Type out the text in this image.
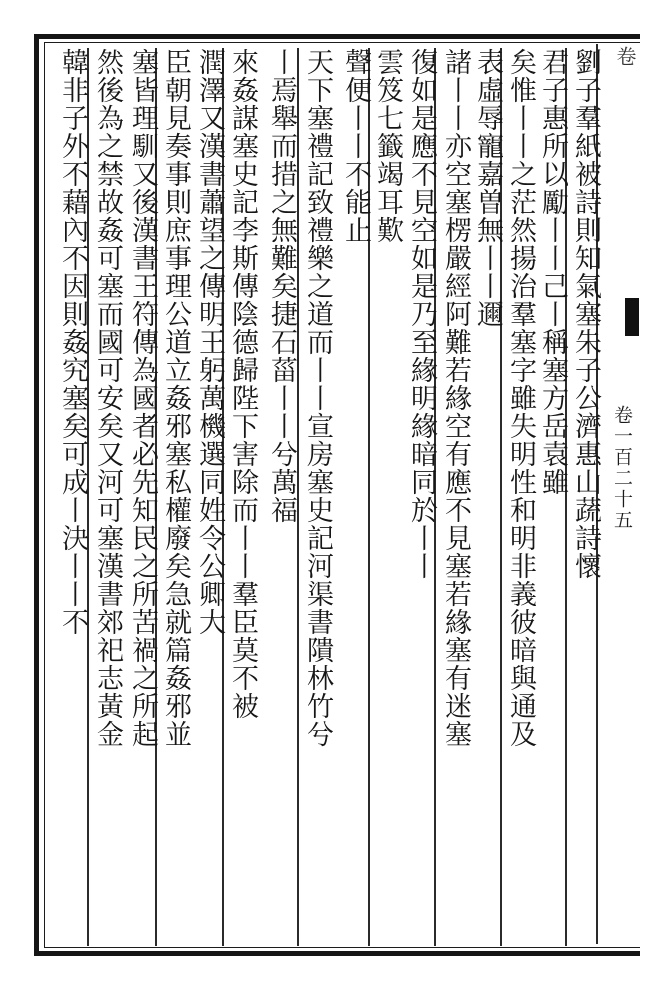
卷
卷一百二十五
劉子羣紙被詩則知氣塞朱子公濟惠山蔬詩懷
君子惠所以勵丨丨己丨稱塞方岳袁雖
矣惟丨丨之茫然揚治羣塞字雖失明性和明非義彼暗與通及
表虛辱寵嘉曽無丨丨邇
諸丨丨亦空塞楞嚴經阿難若緣空有應不見塞若緣塞有迷塞
復如是應不見空如是乃至緣明緣暗同於丨丨
雲笈七籤竭耳歎
聲便丨丨不能止
天下塞禮記致禮樂之道而丨丨宣房塞史記河渠書隤林竹兮
丨焉舉而措之無難矣捷石菑丨丨兮萬福
來姦謀塞史記李斯傳陰德歸陛下害除而丨丨羣臣莫不被
潤澤又漢書蕭望之傳明王躬萬機選同姓令公卿大
臣朝見奏事則庶事理公道立姦邪塞私權廢矣急就篇姦邪並
塞皆理馴又後漢書王符傳為國者必先知民之所苦禍之所起
然後為之禁故姦可塞而國可安矣又河可塞漢書郊祀志黃金
韓非子外不藉內不因則姦究塞矣可成丨決丨丨不
